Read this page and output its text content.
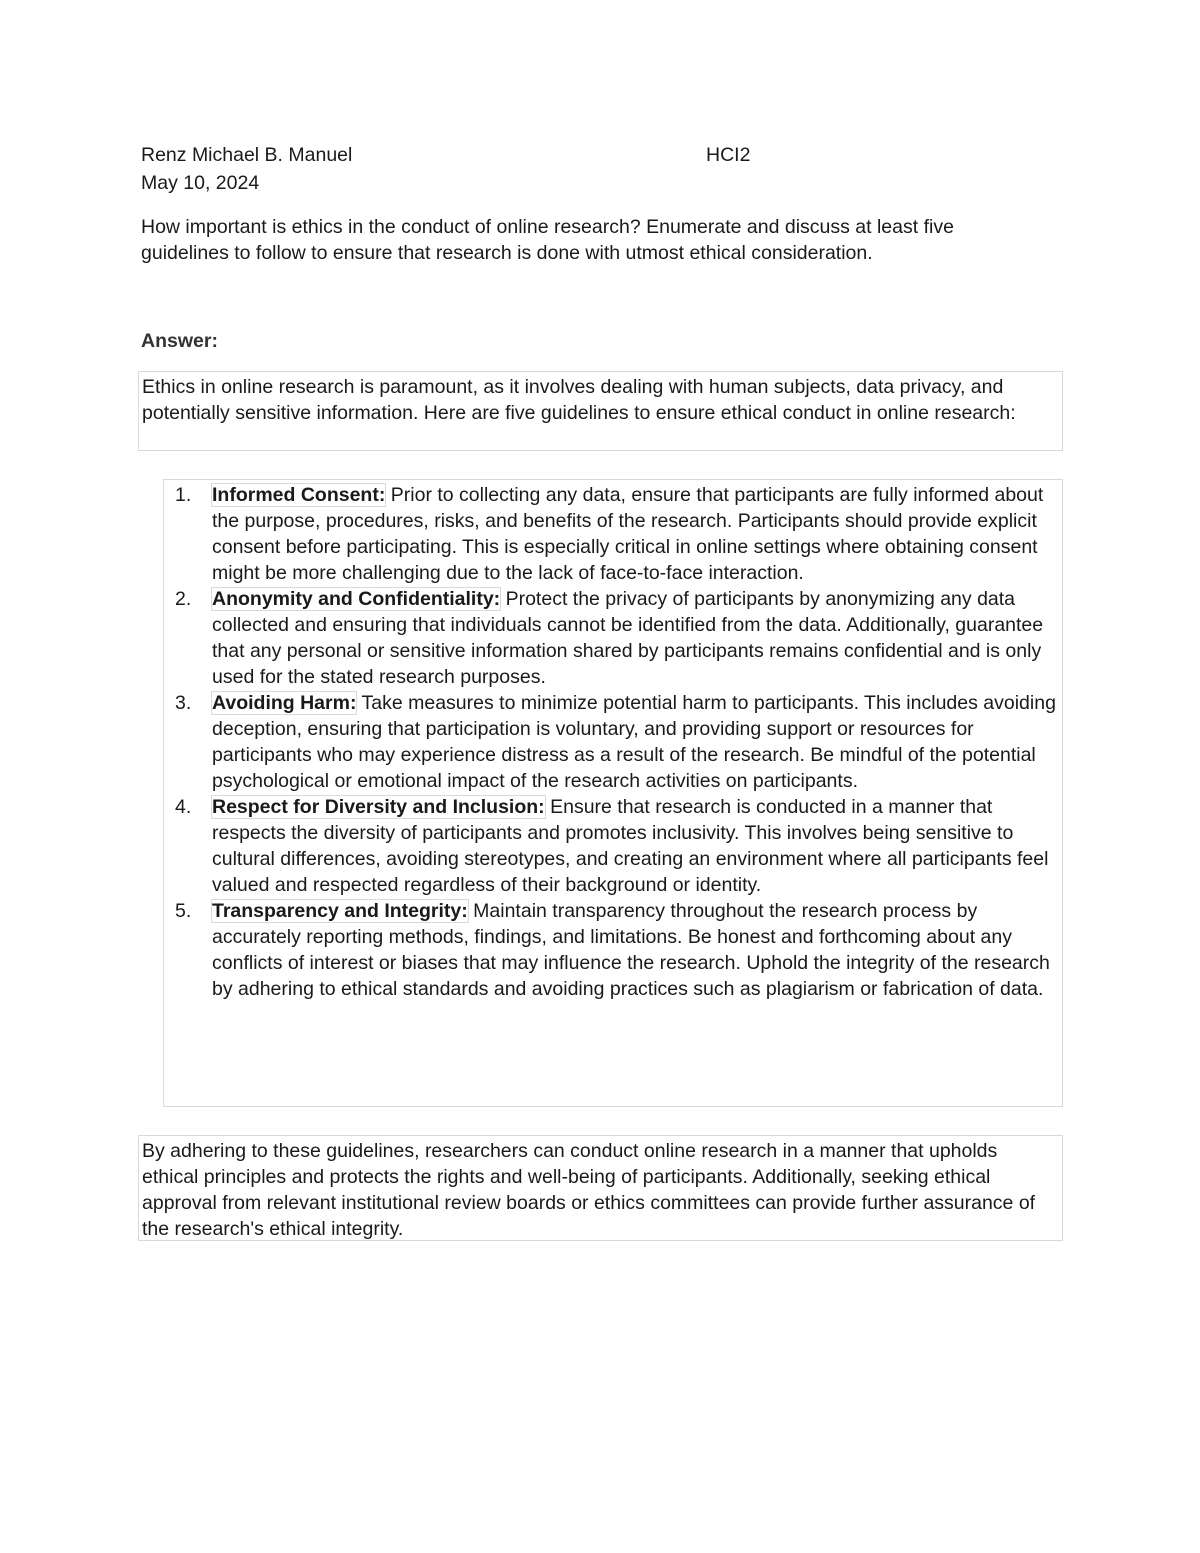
Renz Michael B. Manuel	HCI2
May 10, 2024

How important is ethics in the conduct of online research? Enumerate and discuss at least five guidelines to follow to ensure that research is done with utmost ethical consideration.

Answer:

Ethics in online research is paramount, as it involves dealing with human subjects, data privacy, and potentially sensitive information. Here are five guidelines to ensure ethical conduct in online research:

1. Informed Consent: Prior to collecting any data, ensure that participants are fully informed about the purpose, procedures, risks, and benefits of the research. Participants should provide explicit consent before participating. This is especially critical in online settings where obtaining consent might be more challenging due to the lack of face-to-face interaction.
2. Anonymity and Confidentiality: Protect the privacy of participants by anonymizing any data collected and ensuring that individuals cannot be identified from the data. Additionally, guarantee that any personal or sensitive information shared by participants remains confidential and is only used for the stated research purposes.
3. Avoiding Harm: Take measures to minimize potential harm to participants. This includes avoiding deception, ensuring that participation is voluntary, and providing support or resources for participants who may experience distress as a result of the research. Be mindful of the potential psychological or emotional impact of the research activities on participants.
4. Respect for Diversity and Inclusion: Ensure that research is conducted in a manner that respects the diversity of participants and promotes inclusivity. This involves being sensitive to cultural differences, avoiding stereotypes, and creating an environment where all participants feel valued and respected regardless of their background or identity.
5. Transparency and Integrity: Maintain transparency throughout the research process by accurately reporting methods, findings, and limitations. Be honest and forthcoming about any conflicts of interest or biases that may influence the research. Uphold the integrity of the research by adhering to ethical standards and avoiding practices such as plagiarism or fabrication of data.

By adhering to these guidelines, researchers can conduct online research in a manner that upholds ethical principles and protects the rights and well-being of participants. Additionally, seeking ethical approval from relevant institutional review boards or ethics committees can provide further assurance of the research's ethical integrity.
